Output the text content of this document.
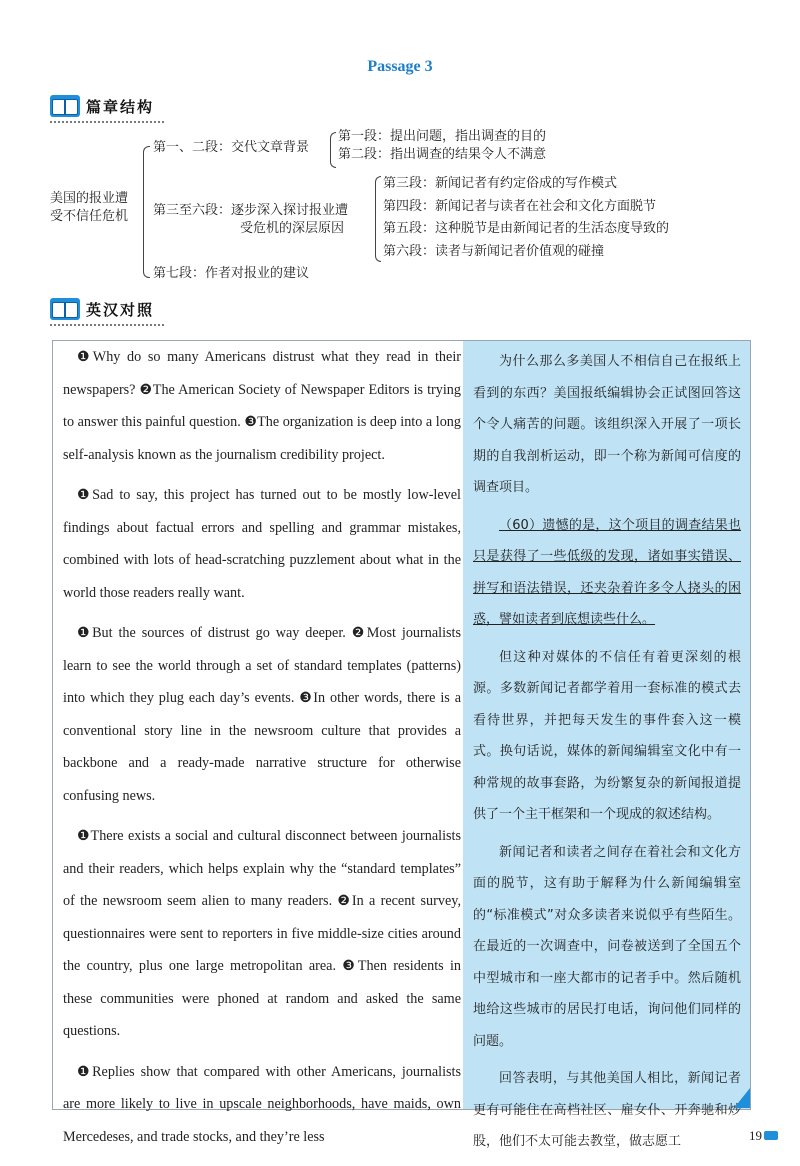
Passage 3
篇章结构
美国的报业遭
受不信任危机
第一、二段：交代文章背景
第一段：提出问题，指出调查的目的
第二段：指出调查的结果令人不满意
第三至六段：逐步深入探讨报业遭
受危机的深层原因
第三段：新闻记者有约定俗成的写作模式
第四段：新闻记者与读者在社会和文化方面脱节
第五段：这种脱节是由新闻记者的生活态度导致的
第六段：读者与新闻记者价值观的碰撞
第七段：作者对报业的建议
英汉对照

❶Why do so many Americans distrust what they read in their newspapers? ❷The American Society of Newspaper Editors is trying to answer this painful question. ❸The organization is deep into a long self-analysis known as the journalism credibility project.

❶Sad to say, this project has turned out to be mostly low-level findings about factual errors and spelling and grammar mistakes, combined with lots of head-scratching puzzlement about what in the world those readers really want.

❶But the sources of distrust go way deeper. ❷Most journalists learn to see the world through a set of standard templates (patterns) into which they plug each day’s events. ❸In other words, there is a conventional story line in the newsroom culture that provides a backbone and a ready-made narrative structure for otherwise confusing news.

❶There exists a social and cultural disconnect between journalists and their readers, which helps explain why the “standard templates” of the newsroom seem alien to many readers. ❷In a recent survey, questionnaires were sent to reporters in five middle-size cities around the country, plus one large metropolitan area. ❸Then residents in these communities were phoned at random and asked the same questions.

❶Replies show that compared with other Americans, journalists are more likely to live in upscale neighborhoods, have maids, own Mercedeses, and trade stocks, and they’re less

为什么那么多美国人不相信自己在报纸上看到的东西？美国报纸编辑协会正试图回答这个令人痛苦的问题。该组织深入开展了一项长期的自我剖析运动，即一个称为新闻可信度的调查项目。

（60）遗憾的是，这个项目的调查结果也只是获得了一些低级的发现，诸如事实错误、拼写和语法错误，还夹杂着许多令人挠头的困惑，譬如读者到底想读些什么。

但这种对媒体的不信任有着更深刻的根源。多数新闻记者都学着用一套标准的模式去看待世界，并把每天发生的事件套入这一模式。换句话说，媒体的新闻编辑室文化中有一种常规的故事套路，为纷繁复杂的新闻报道提供了一个主干框架和一个现成的叙述结构。

新闻记者和读者之间存在着社会和文化方面的脱节，这有助于解释为什么新闻编辑室的“标准模式”对众多读者来说似乎有些陌生。在最近的一次调查中，问卷被送到了全国五个中型城市和一座大都市的记者手中。然后随机地给这些城市的居民打电话，询问他们同样的问题。

回答表明，与其他美国人相比，新闻记者更有可能住在高档社区、雇女仆、开奔驰和炒股，他们不太可能去教堂，做志愿工	19
